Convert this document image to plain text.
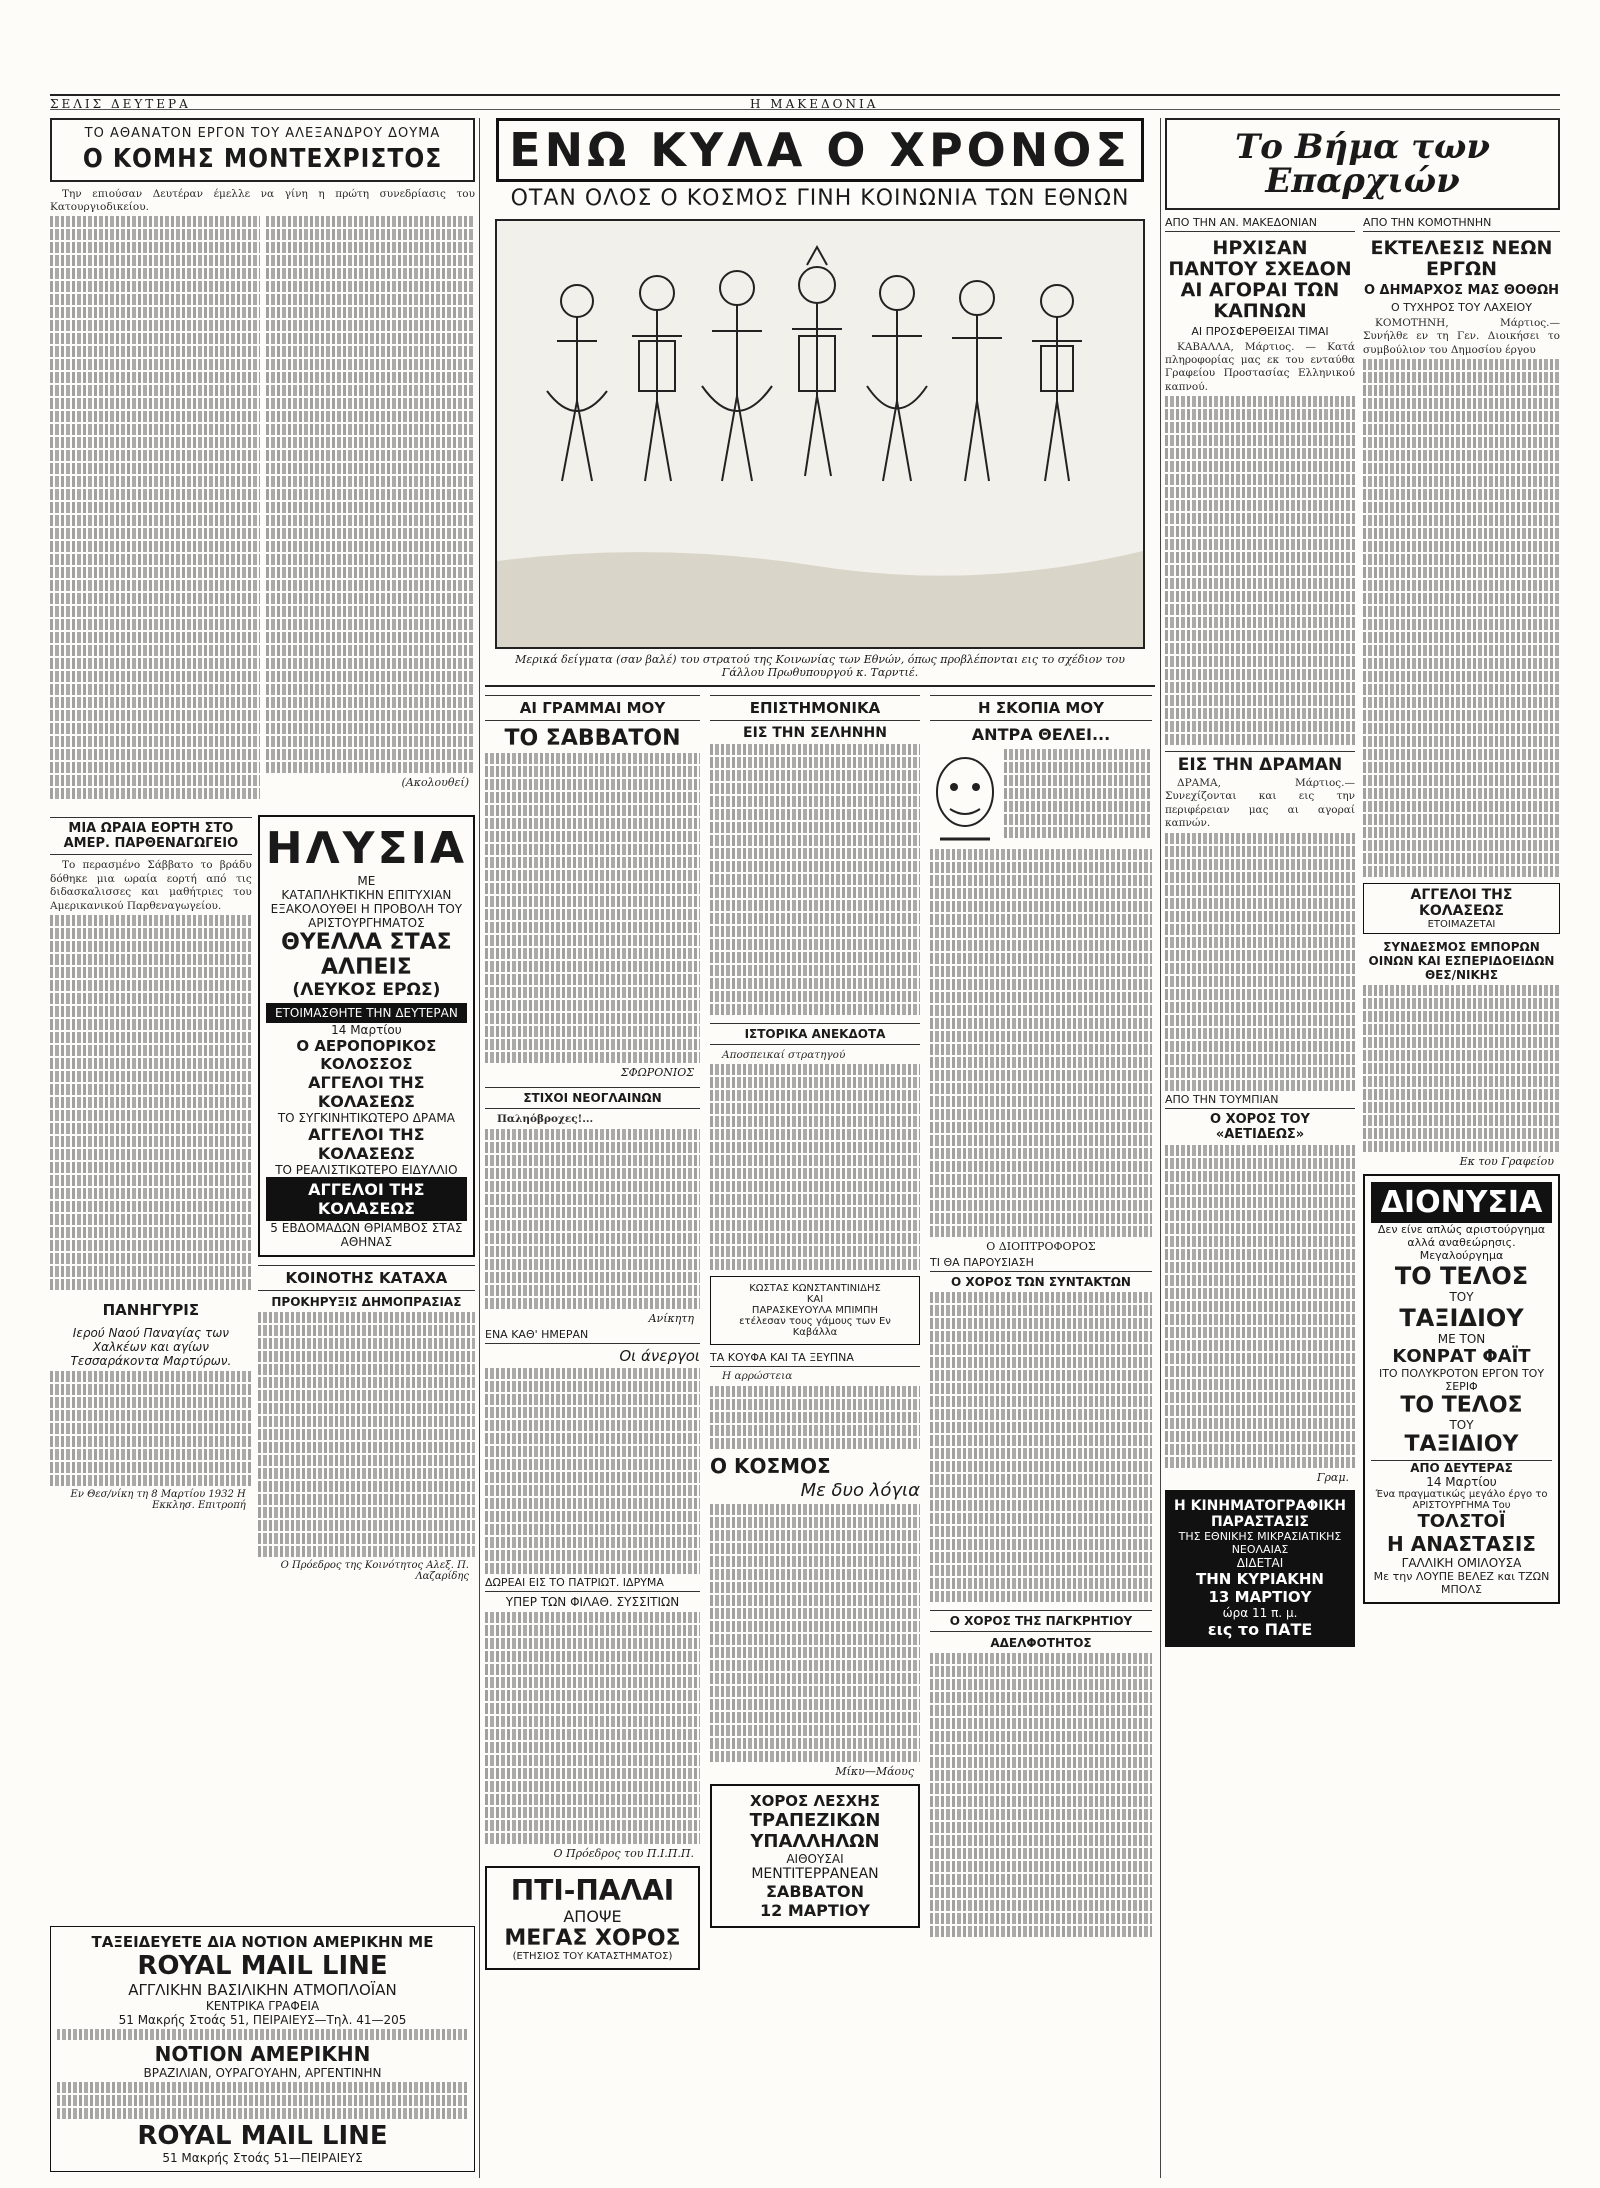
ΣΕΛΙΣ ΔΕΥΤΕΡΑ	Η ΜΑΚΕΔΟΝΙΑ
ΤΟ ΑΘΑΝΑΤΟΝ ΕΡΓΟΝ ΤΟΥ ΑΛΕΞΑΝΔΡΟΥ ΔΟΥΜΑ
Ο ΚΟΜΗΣ ΜΟΝΤΕΧΡΙΣΤΟΣ

Την επιούσαν Δευτέραν έμελλε να γίνη η πρώτη συνεδρίασις του Κατουργιοδικείου.

(Ακολουθεί)
ΜΙΑ ΩΡΑΙΑ ΕΟΡΤΗ ΣΤΟ ΑΜΕΡ. ΠΑΡΘΕΝΑΓΩΓΕΙΟ

Το περασμένο Σάββατο το βράδυ δόθηκε μια ωραία εορτή από τις διδασκαλισσες και μαθήτριες του Αμερικανικού Παρθεναγωγείου.

ΠΑΝΗΓΥΡΙΣ
Ιερού Ναού Παναγίας των Χαλκέων και αγίων Τεσσαράκοντα Μαρτύρων.
Εν Θεσ/νίκη τη 8 Μαρτίου 1932 Η Εκκλησ. Επιτροπή
ΗΛΥΣΙΑ
ΜΕ
ΚΑΤΑΠΛΗΚΤΙΚΗΝ ΕΠΙΤΥΧΙΑΝ ΕΞΑΚΟΛΟΥΘΕΙ Η ΠΡΟΒΟΛΗ ΤΟΥ ΑΡΙΣΤΟΥΡΓΗΜΑΤΟΣ
ΘΥΕΛΛΑ ΣΤΑΣ ΑΛΠΕΙΣ
(ΛΕΥΚΟΣ ΕΡΩΣ)
ΕΤΟΙΜΑΣΘΗΤΕ ΤΗΝ ΔΕΥΤΕΡΑΝ
14 Μαρτίου
Ο ΑΕΡΟΠΟΡΙΚΟΣ ΚΟΛΟΣΣΟΣ
ΑΓΓΕΛΟΙ ΤΗΣ ΚΟΛΑΣΕΩΣ
ΤΟ ΣΥΓΚΙΝΗΤΙΚΩΤΕΡΟ ΔΡΑΜΑ
ΑΓΓΕΛΟΙ ΤΗΣ ΚΟΛΑΣΕΩΣ
ΤΟ ΡΕΑΛΙΣΤΙΚΩΤΕΡΟ ΕΙΔΥΛΛΙΟ
ΑΓΓΕΛΟΙ ΤΗΣ ΚΟΛΑΣΕΩΣ
5 ΕΒΔΟΜΑΔΩΝ ΘΡΙΑΜΒΟΣ ΣΤΑΣ ΑΘΗΝΑΣ
ΚΟΙΝΟΤΗΣ ΚΑΤΑΧΑ
ΠΡΟΚΗΡΥΞΙΣ ΔΗΜΟΠΡΑΣΙΑΣ
Ο Πρόεδρος της Κοινότητος Αλεξ. Π. Λαζαρίδης
ΤΑΞΕΙΔΕΥΕΤΕ ΔΙΑ ΝΟΤΙΟΝ ΑΜΕΡΙΚΗΝ ΜΕ
ROYAL MAIL LINE
ΑΓΓΛΙΚΗΝ ΒΑΣΙΛΙΚΗΝ ΑΤΜΟΠΛΟΪΑΝ
ΚΕΝΤΡΙΚΑ ΓΡΑΦΕΙΑ
51 Μακρής Στοάς 51, ΠΕΙΡΑΙΕΥΣ—Τηλ. 41—205
NOTION AMEPIKHN
ΒΡΑΖΙΛΙΑΝ, ΟΥΡΑΓΟΥΑΗΝ, ΑΡΓΕΝΤΙΝΗΝ
ROYAL MAIL LINE
51 Μακρής Στοάς 51—ΠΕΙΡΑΙΕΥΣ
ΕΝΩ ΚΥΛΑ Ο ΧΡΟΝΟΣ
ΟΤΑΝ ΟΛΟΣ Ο ΚΟΣΜΟΣ ΓΙΝΗ ΚΟΙΝΩΝΙΑ ΤΩΝ ΕΘΝΩΝ
Μερικά δείγματα (σαν βαλέ) του στρατού της Κοινωνίας των Εθνών, όπως προβλέπονται εις το σχέδιον του Γάλλου Πρωθυπουργού κ. Ταρντιέ.
ΑΙ ΓΡΑΜΜΑΙ ΜΟΥ
ΤΟ ΣΑΒΒΑΤΟΝ
ΣΦΩΡΟΝΙΟΣ
ΣΤΙΧΟΙ ΝΕΟΓΛΑΙΝΩΝ

Παληόβροχες!...

Ανίκητη
ΕΝΑ ΚΑΘ' ΗΜΕΡΑΝ
Οι άνεργοι
ΔΩΡΕΑΙ ΕΙΣ ΤΟ ΠΑΤΡΙΩΤ. ΙΔΡΥΜΑ
ΥΠΕΡ ΤΩΝ ΦΙΛΑΘ. ΣΥΣΣΙΤΙΩΝ
Ο Πρόεδρος του Π.Ι.Π.Π.
ΠΤΙ-ΠΑΛΑΙ
ΑΠΟΨΕ
ΜΕΓΑΣ ΧΟΡΟΣ
(ΕΤΗΣΙΟΣ ΤΟΥ ΚΑΤΑΣΤΗΜΑΤΟΣ)
ΕΠΙΣΤΗΜΟΝΙΚΑ
ΕΙΣ ΤΗΝ ΣΕΛΗΝΗΝ
ΙΣΤΟΡΙΚΑ ΑΝΕΚΔΟΤΑ

Αποσπεικαί στρατηγού

ΚΩΣΤΑΣ ΚΩΝΣΤΑΝΤΙΝΙΔΗΣ
ΚΑΙ
ΠΑΡΑΣΚΕΥΟΥΛΑ ΜΠΙΜΠΗ
ετέλεσαν τους γάμους των Εν Καβάλλα
ΤΑ ΚΟΥΦΑ ΚΑΙ ΤΑ ΞΕΥΠΝΑ

Η αρρώστεια

Ο ΚΟΣΜΟΣ
Με δυο λόγια
Μίκυ—Μάους
ΧΟΡΟΣ ΛΕΣΧΗΣ
ΤΡΑΠΕΖΙΚΩΝ
ΥΠΑΛΛΗΛΩΝ
ΑΙΘΟΥΣΑΙ
ΜΕΝΤΙΤΕΡΡΑΝΕΑΝ
ΣΑΒΒΑΤΟΝ
12 ΜΑΡΤΙΟΥ
Η ΣΚΟΠΙΑ ΜΟΥ
ΑΝΤΡΑ ΘΕΛΕΙ...
Ο ΔΙΟΠΤΡΟΦΟΡΟΣ
ΤΙ ΘΑ ΠΑΡΟΥΣΙΑΣΗ
Ο ΧΟΡΟΣ ΤΩΝ ΣΥΝΤΑΚΤΩΝ
Ο ΧΟΡΟΣ ΤΗΣ ΠΑΓΚΡΗΤΙΟΥ
ΑΔΕΛΦΟΤΗΤΟΣ
Το Βήμα των Επαρχιών
ΑΠΟ ΤΗΝ ΑΝ. ΜΑΚΕΔΟΝΙΑΝ
ΗΡΧΙΣΑΝ ΠΑΝΤΟΥ ΣΧΕΔΟΝ ΑΙ ΑΓΟΡΑΙ ΤΩΝ ΚΑΠΝΩΝ
ΑΙ ΠΡΟΣΦΕΡΘΕΙΣΑΙ ΤΙΜΑΙ

ΚΑΒΑΛΛΑ, Μάρτιος. — Κατά πληροφορίας μας εκ του ενταύθα Γραφείου Προστασίας Ελληνικού καπνού.

ΕΙΣ ΤΗΝ ΔΡΑΜΑΝ

ΔΡΑΜΑ, Μάρτιος.—Συνεχίζονται και εις την περιφέρειαν μας αι αγοραί καπνών.

ΑΠΟ ΤΗΝ ΤΟΥΜΠΙΑΝ
Ο ΧΟΡΟΣ ΤΟΥ «ΑΕΤΙΔΕΩΣ»
Γραμ.
Η ΚΙΝΗΜΑΤΟΓΡΑΦΙΚΗ
ΠΑΡΑΣΤΑΣΙΣ
ΤΗΣ ΕΘΝΙΚΗΣ ΜΙΚΡΑΣΙΑΤΙΚΗΣ ΝΕΟΛΑΙΑΣ
ΔΙΔΕΤΑΙ
ΤΗΝ ΚΥΡΙΑΚΗΝ
13 ΜΑΡΤΙΟΥ
ώρα 11 π. μ.
εις το ΠΑΤΕ
ΑΠΟ ΤΗΝ ΚΟΜΟΤΗΝΗΝ
ΕΚΤΕΛΕΣΙΣ ΝΕΩΝ ΕΡΓΩΝ
Ο ΔΗΜΑΡΧΟΣ ΜΑΣ ΘΟΘΩΗ
Ο ΤΥΧΗΡΟΣ ΤΟΥ ΛΑΧΕΙΟΥ

ΚΟΜΟΤΗΝΗ, Μάρτιος.— Συνήλθε εν τη Γεν. Διοικήσει το συμβούλιον του Δημοσίου έργου

ΑΓΓΕΛΟΙ ΤΗΣ ΚΟΛΑΣΕΩΣ
ΕΤΟΙΜΑΖΕΤΑΙ
ΣΥΝΔΕΣΜΟΣ ΕΜΠΟΡΩΝ ΟΙΝΩΝ ΚΑΙ ΕΣΠΕΡΙΔΟΕΙΔΩΝ ΘΕΣ/ΝΙΚΗΣ
Εκ του Γραφείου
ΔΙΟΝΥΣΙΑ
Δεν είνε απλώς αριστούργημα αλλά αναθεώρησις. Μεγαλούργημα
ΤΟ ΤΕΛΟΣ
ΤΟΥ
ΤΑΞΙΔΙΟΥ
ΜΕ ΤΟΝ
ΚΟΝΡΑΤ ΦΑΪΤ
ΙΤΟ ΠΟΛΥΚΡΟΤΟΝ ΕΡΓΟΝ ΤΟΥ ΣΕΡΙΦ
ΤΟ ΤΕΛΟΣ
ΤΟΥ
ΤΑΞΙΔΙΟΥ
ΑΠΟ ΔΕΥΤΕΡΑΣ
14 Μαρτίου
Ένα πραγματικώς μεγάλο έργο το ΑΡΙΣΤΟΥΡΓΗΜΑ Του
ΤΟΛΣΤΟΪ
Η ΑΝΑΣΤΑΣΙΣ
ΓΑΛΛΙΚΗ ΟΜΙΛΟΥΣΑ
Με την ΛΟΥΠΕ ΒΕΛΕΖ και ΤΖΩΝ ΜΠΟΛΣ
